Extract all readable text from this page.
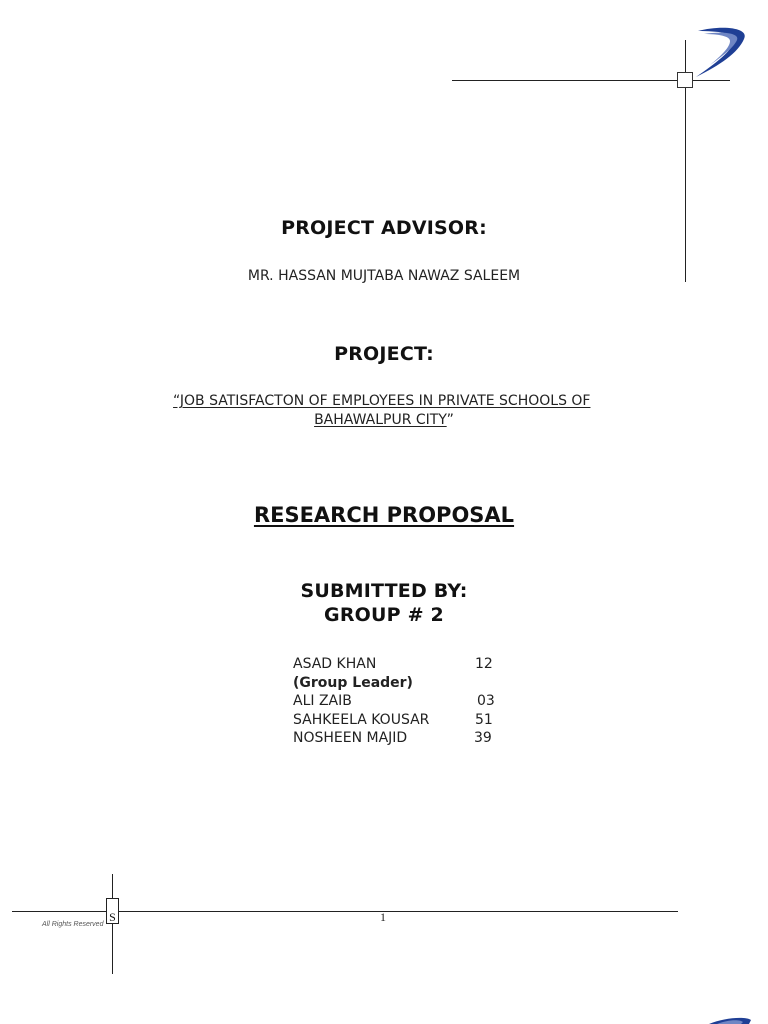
PROJECT ADVISOR:
MR. HASSAN MUJTABA NAWAZ SALEEM
PROJECT:
“JOB SATISFACTON OF EMPLOYEES IN PRIVATE SCHOOLS OF
BAHAWALPUR CITY”
RESEARCH PROPOSAL
SUBMITTED BY:
GROUP # 2
ASAD KHAN	12
(Group Leader)
ALI ZAIB	03
SAHKEELA KOUSAR	51
NOSHEEN MAJID	39
S
All Rights Reserved
1
